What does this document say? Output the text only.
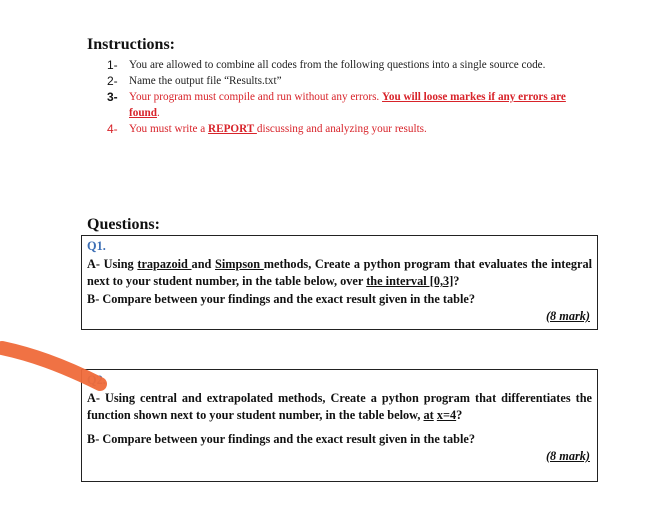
Instructions:
1-	You are allowed to combine all codes from the following questions into a single source code.
2-	Name the output file “Results.txt”
3-	Your program must compile and run without any errors. You will loose markes if any errors are found.
4-	You must write a REPORT discussing and analyzing your results.
Questions:
Q1.
A- Using trapazoid and Simpson methods, Create a python program that evaluates the integral next to your student number, in the table below, over the interval [0,3]?
B- Compare between your findings and the exact result given in the table?
(8 mark)
Q2.
A- Using central and extrapolated methods, Create a python program that differentiates the function shown next to your student number, in the table below, at x=4?
B- Compare between your findings and the exact result given in the table?
(8 mark)
